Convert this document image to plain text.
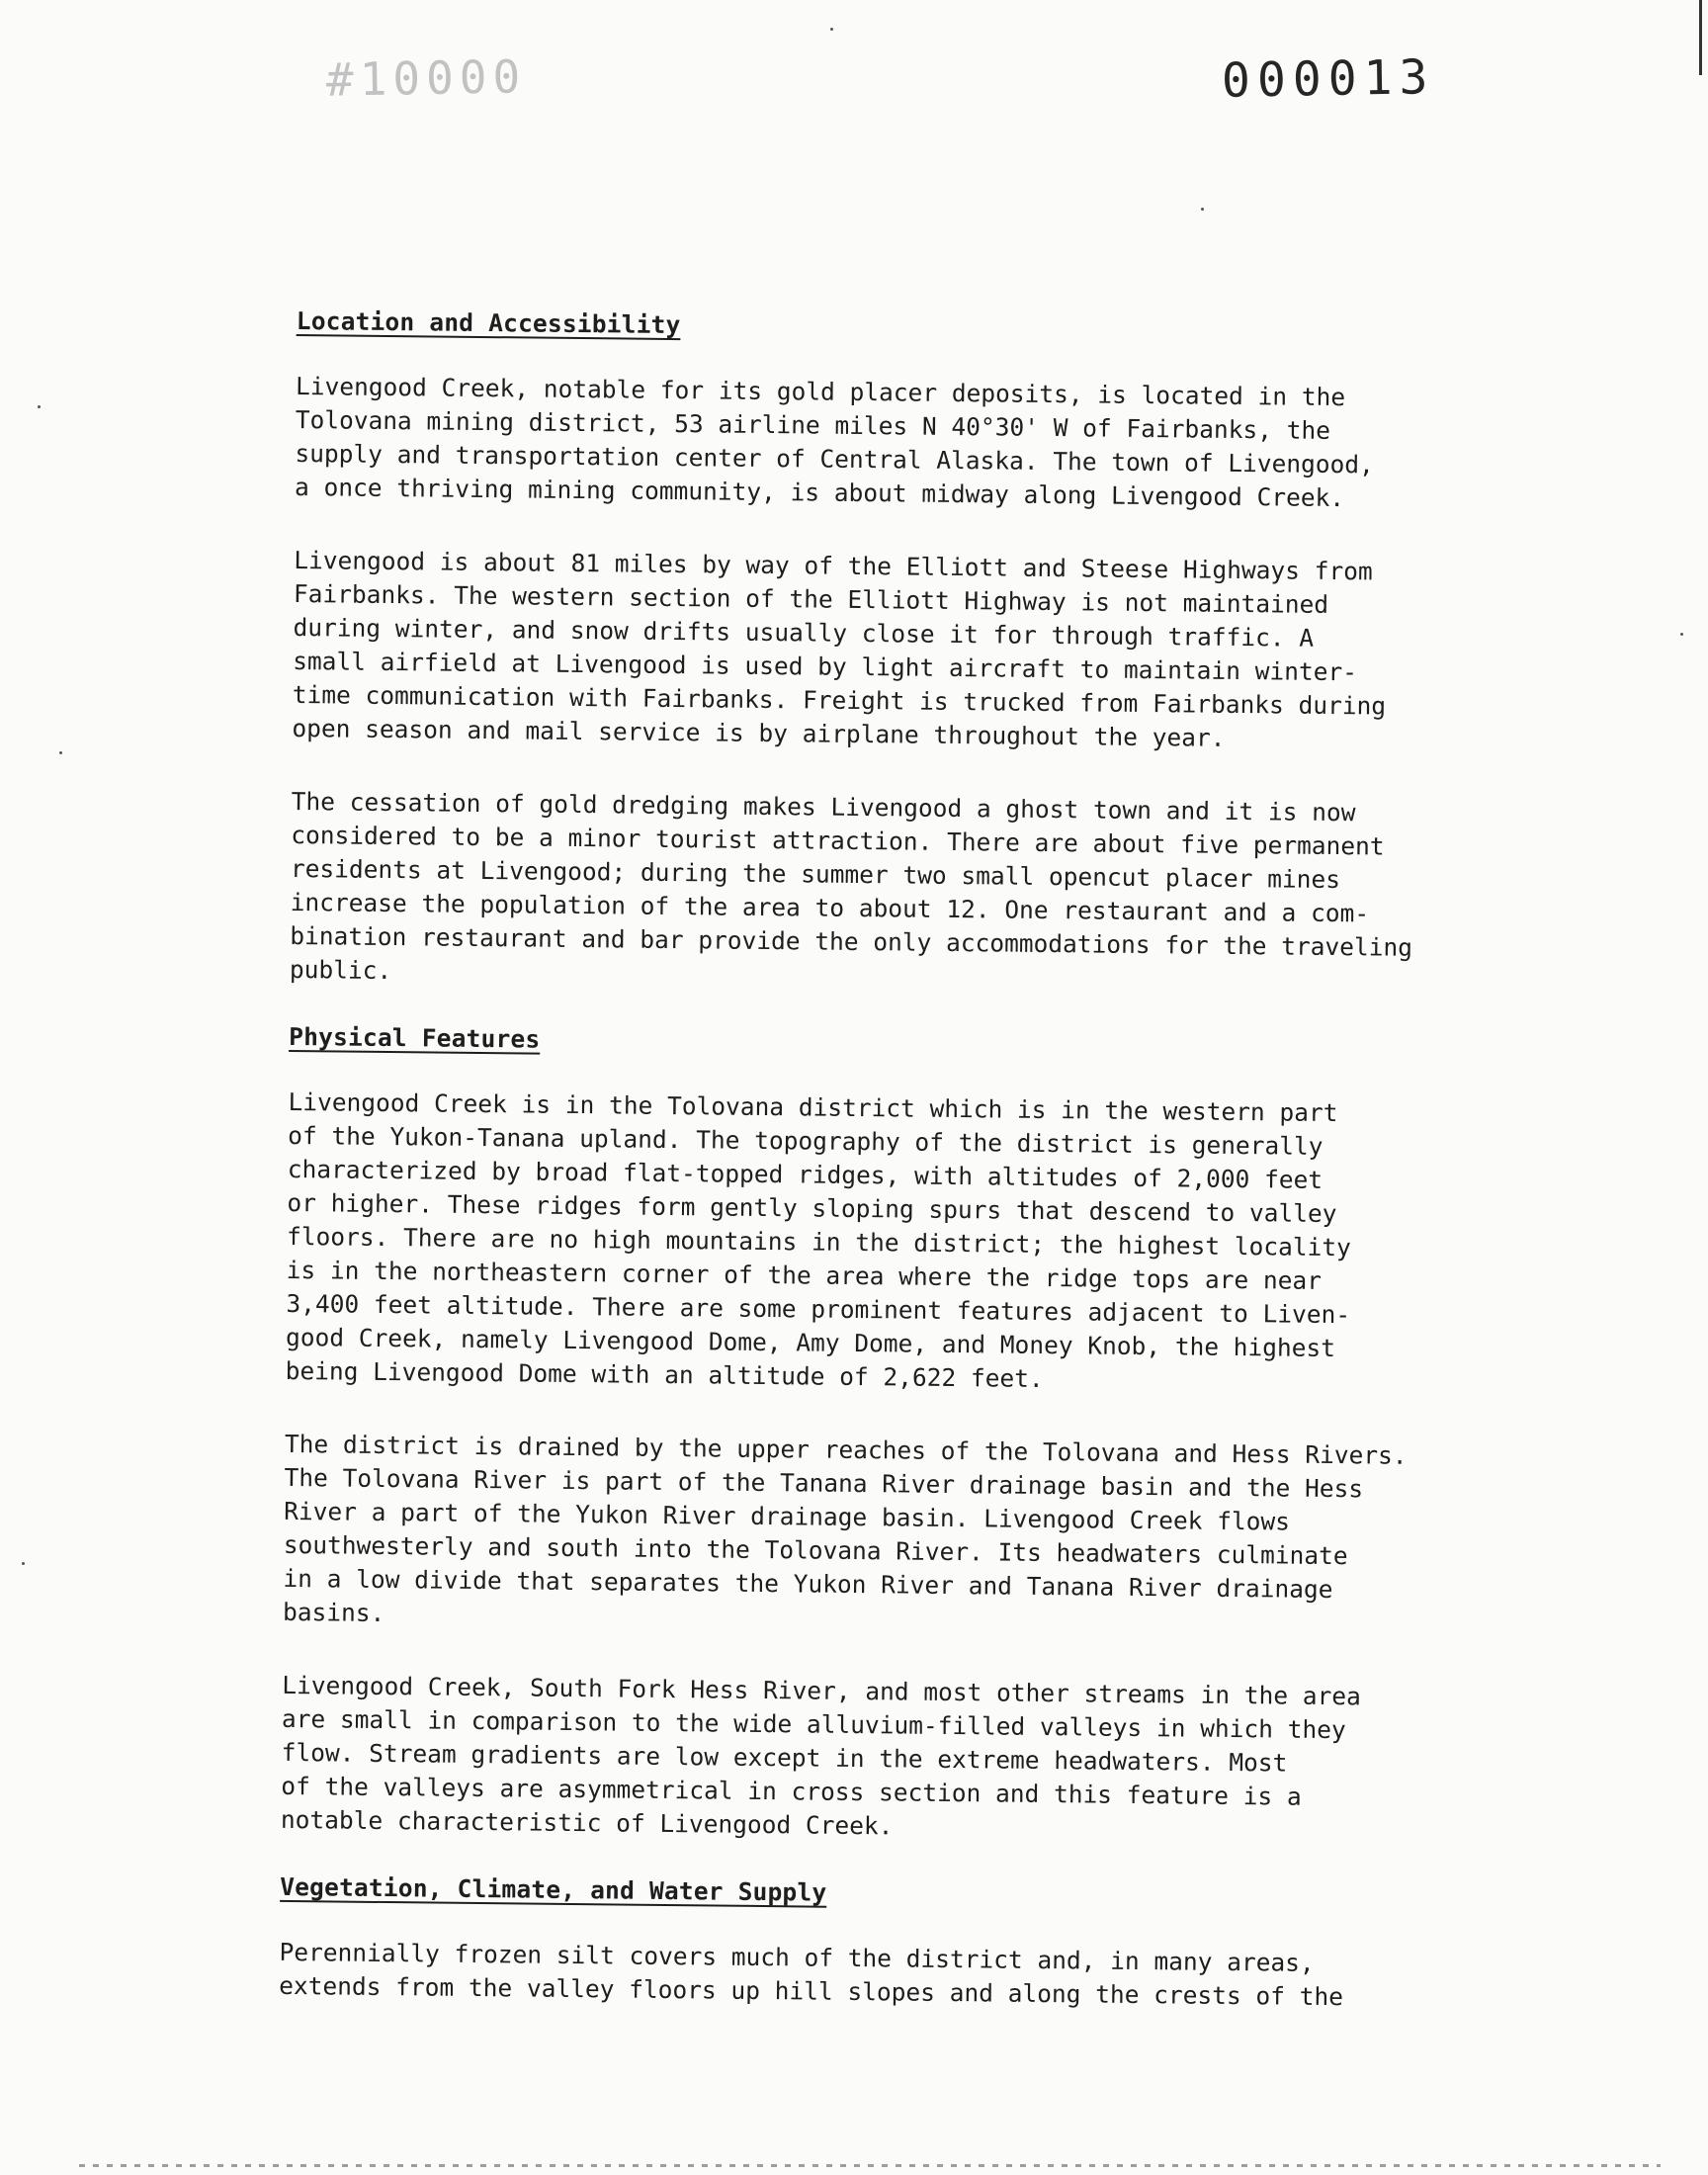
#10000	000013
Location and Accessibility
Livengood Creek, notable for its gold placer deposits, is located in the
Tolovana mining district, 53 airline miles N 40°30' W of Fairbanks, the
supply and transportation center of Central Alaska. The town of Livengood,
a once thriving mining community, is about midway along Livengood Creek.
Livengood is about 81 miles by way of the Elliott and Steese Highways from
Fairbanks. The western section of the Elliott Highway is not maintained
during winter, and snow drifts usually close it for through traffic. A
small airfield at Livengood is used by light aircraft to maintain winter-
time communication with Fairbanks. Freight is trucked from Fairbanks during
open season and mail service is by airplane throughout the year.
The cessation of gold dredging makes Livengood a ghost town and it is now
considered to be a minor tourist attraction. There are about five permanent
residents at Livengood; during the summer two small opencut placer mines
increase the population of the area to about 12. One restaurant and a com-
bination restaurant and bar provide the only accommodations for the traveling
public.
Physical Features
Livengood Creek is in the Tolovana district which is in the western part
of the Yukon-Tanana upland. The topography of the district is generally
characterized by broad flat-topped ridges, with altitudes of 2,000 feet
or higher. These ridges form gently sloping spurs that descend to valley
floors. There are no high mountains in the district; the highest locality
is in the northeastern corner of the area where the ridge tops are near
3,400 feet altitude. There are some prominent features adjacent to Liven-
good Creek, namely Livengood Dome, Amy Dome, and Money Knob, the highest
being Livengood Dome with an altitude of 2,622 feet.
The district is drained by the upper reaches of the Tolovana and Hess Rivers.
The Tolovana River is part of the Tanana River drainage basin and the Hess
River a part of the Yukon River drainage basin. Livengood Creek flows
southwesterly and south into the Tolovana River. Its headwaters culminate
in a low divide that separates the Yukon River and Tanana River drainage
basins.
Livengood Creek, South Fork Hess River, and most other streams in the area
are small in comparison to the wide alluvium-filled valleys in which they
flow. Stream gradients are low except in the extreme headwaters. Most
of the valleys are asymmetrical in cross section and this feature is a
notable characteristic of Livengood Creek.
Vegetation, Climate, and Water Supply
Perennially frozen silt covers much of the district and, in many areas,
extends from the valley floors up hill slopes and along the crests of the
